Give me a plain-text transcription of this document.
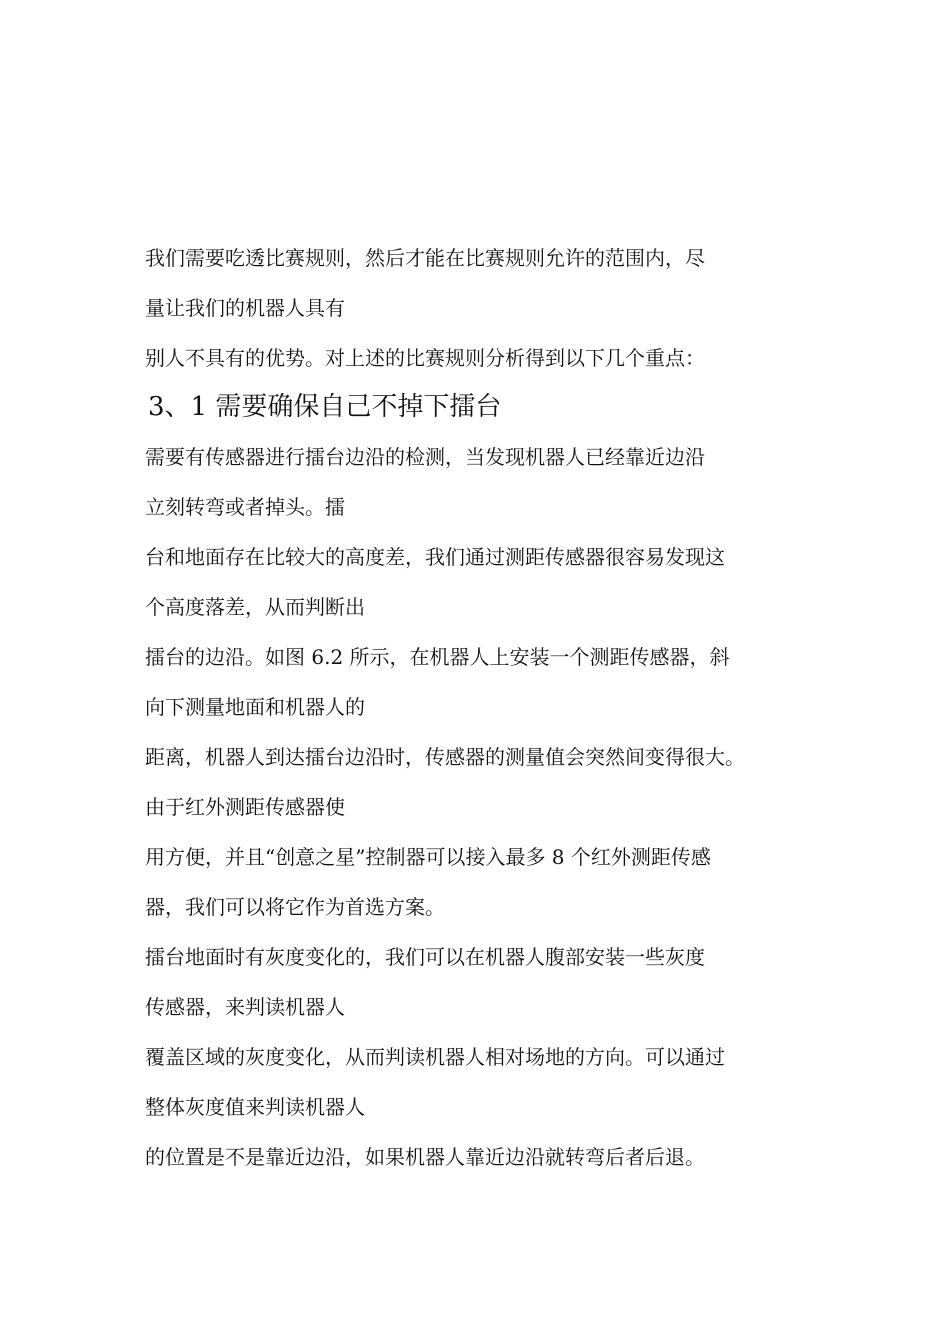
我们需要吃透比赛规则，然后才能在比赛规则允许的范围内，尽
量让我们的机器人具有
别人不具有的优势。对上述的比赛规则分析得到以下几个重点：
3、1 需要确保自己不掉下擂台
需要有传感器进行擂台边沿的检测，当发现机器人已经靠近边沿
立刻转弯或者掉头。擂
台和地面存在比较大的高度差，我们通过测距传感器很容易发现这
个高度落差，从而判断出
擂台的边沿。如图 6.2 所示，在机器人上安装一个测距传感器，斜
向下测量地面和机器人的
距离，机器人到达擂台边沿时，传感器的测量值会突然间变得很大。
由于红外测距传感器使
用方便，并且“创意之星”控制器可以接入最多 8 个红外测距传感
器，我们可以将它作为首选方案。
擂台地面时有灰度变化的，我们可以在机器人腹部安装一些灰度
传感器，来判读机器人
覆盖区域的灰度变化，从而判读机器人相对场地的方向。可以通过
整体灰度值来判读机器人
的位置是不是靠近边沿，如果机器人靠近边沿就转弯后者后退。
